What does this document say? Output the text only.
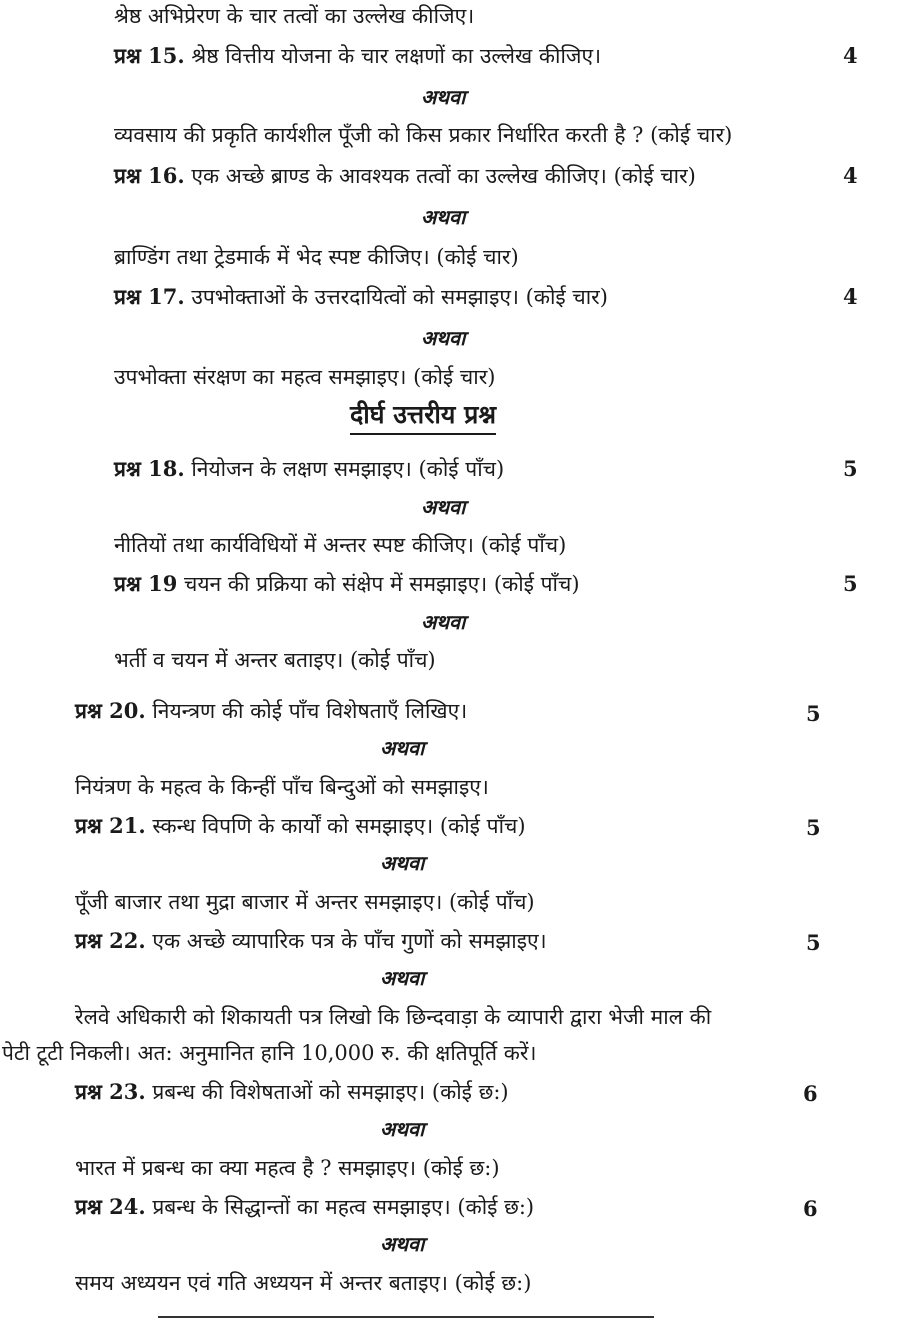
श्रेष्ठ अभिप्रेरण के चार तत्वों का उल्लेख कीजिए।
प्रश्न 15. श्रेष्ठ वित्तीय योजना के चार लक्षणों का उल्लेख कीजिए।	4
अथवा
व्यवसाय की प्रकृति कार्यशील पूँजी को किस प्रकार निर्धारित करती है ? (कोई चार)
प्रश्न 16. एक अच्छे ब्राण्ड के आवश्यक तत्वों का उल्लेख कीजिए। (कोई चार)	4
अथवा
ब्राण्डिंग तथा ट्रेडमार्क में भेद स्पष्ट कीजिए। (कोई चार)
प्रश्न 17. उपभोक्ताओं के उत्तरदायित्वों को समझाइए। (कोई चार)	4
अथवा
उपभोक्ता संरक्षण का महत्व समझाइए। (कोई चार)
दीर्घ उत्तरीय प्रश्न
प्रश्न 18. नियोजन के लक्षण समझाइए। (कोई पाँच)	5
अथवा
नीतियों तथा कार्यविधियों में अन्तर स्पष्ट कीजिए। (कोई पाँच)
प्रश्न 19 चयन की प्रक्रिया को संक्षेप में समझाइए। (कोई पाँच)	5
अथवा
भर्ती व चयन में अन्तर बताइए। (कोई पाँच)
प्रश्न 20. नियन्त्रण की कोई पाँच विशेषताएँ लिखिए।	5
अथवा
नियंत्रण के महत्व के किन्हीं पाँच बिन्दुओं को समझाइए।
प्रश्न 21. स्कन्ध विपणि के कार्यों को समझाइए। (कोई पाँच)	5
अथवा
पूँजी बाजार तथा मुद्रा बाजार में अन्तर समझाइए। (कोई पाँच)
प्रश्न 22. एक अच्छे व्यापारिक पत्र के पाँच गुणों को समझाइए।	5
अथवा
रेलवे अधिकारी को शिकायती पत्र लिखो कि छिन्दवाड़ा के व्यापारी द्वारा भेजी माल की
पेटी टूटी निकली। अत: अनुमानित हानि 10,000 रु. की क्षतिपूर्ति करें।
प्रश्न 23. प्रबन्ध की विशेषताओं को समझाइए। (कोई छ:)	6
अथवा
भारत में प्रबन्ध का क्या महत्व है ? समझाइए। (कोई छ:)
प्रश्न 24. प्रबन्ध के सिद्धान्तों का महत्व समझाइए। (कोई छ:)	6
अथवा
समय अध्ययन एवं गति अध्ययन में अन्तर बताइए। (कोई छ:)
